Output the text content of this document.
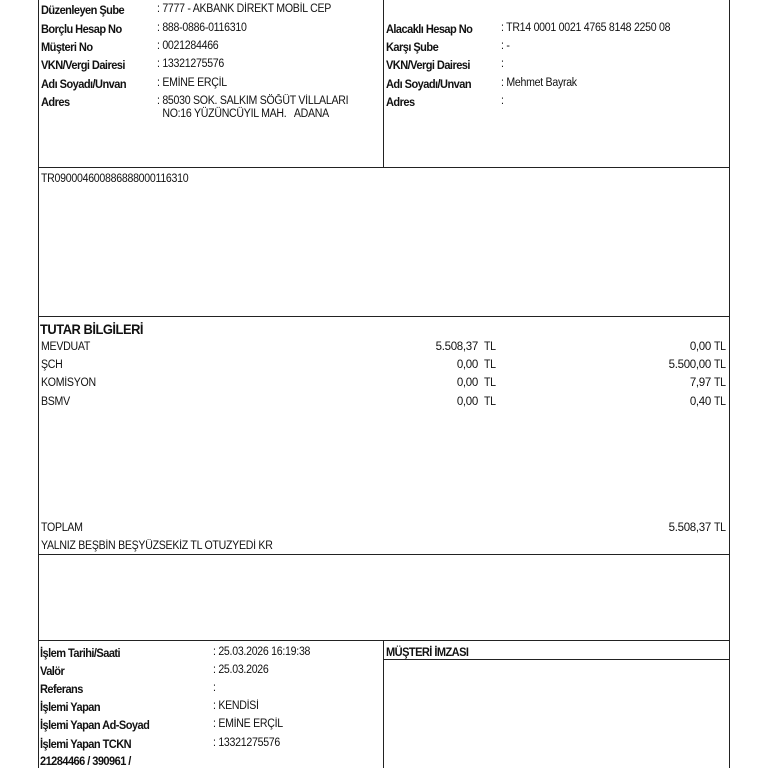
Düzenleyen Şube	: 7777 - AKBANK DİREKT MOBİL CEP
Borçlu Hesap No	: 888-0886-0116310
Müşteri No	: 0021284466
VKN/Vergi Dairesi	: 13321275576
Adı Soyadı/Unvan	: EMİNE ERÇİL
Adres	: 85030 SOK. SALKIM SÖĞÜT VİLLALARI
NO:16 YÜZÜNCÜYIL MAH.   ADANA
Alacaklı Hesap No : TR14 0001 0021 4765 8148 2250 08
Karşı Şube	: -
VKN/Vergi Dairesi	:
Adı Soyadı/Unvan	: Mehmet Bayrak
Adres	:
TR090004600886888000116310
TUTAR BİLGİLERİ
MEVDUAT	5.508,37 TL	0,00 TL
ŞCH	0,00 TL	5.500,00 TL
KOMİSYON	0,00 TL	7,97 TL
BSMV	0,00 TL	0,40 TL
TOPLAM	5.508,37 TL
YALNIZ BEŞBİN BEŞYÜZSEKİZ TL OTUZYEDİ KR
İşlem Tarihi/Saati	: 25.03.2026 16:19:38
Valör	: 25.03.2026
Referans	:
İşlemi Yapan	: KENDİSİ
İşlemi Yapan Ad-Soyad	: EMİNE ERÇİL
İşlemi Yapan TCKN	: 13321275576
21284466 / 390961 /
MÜŞTERİ İMZASI
